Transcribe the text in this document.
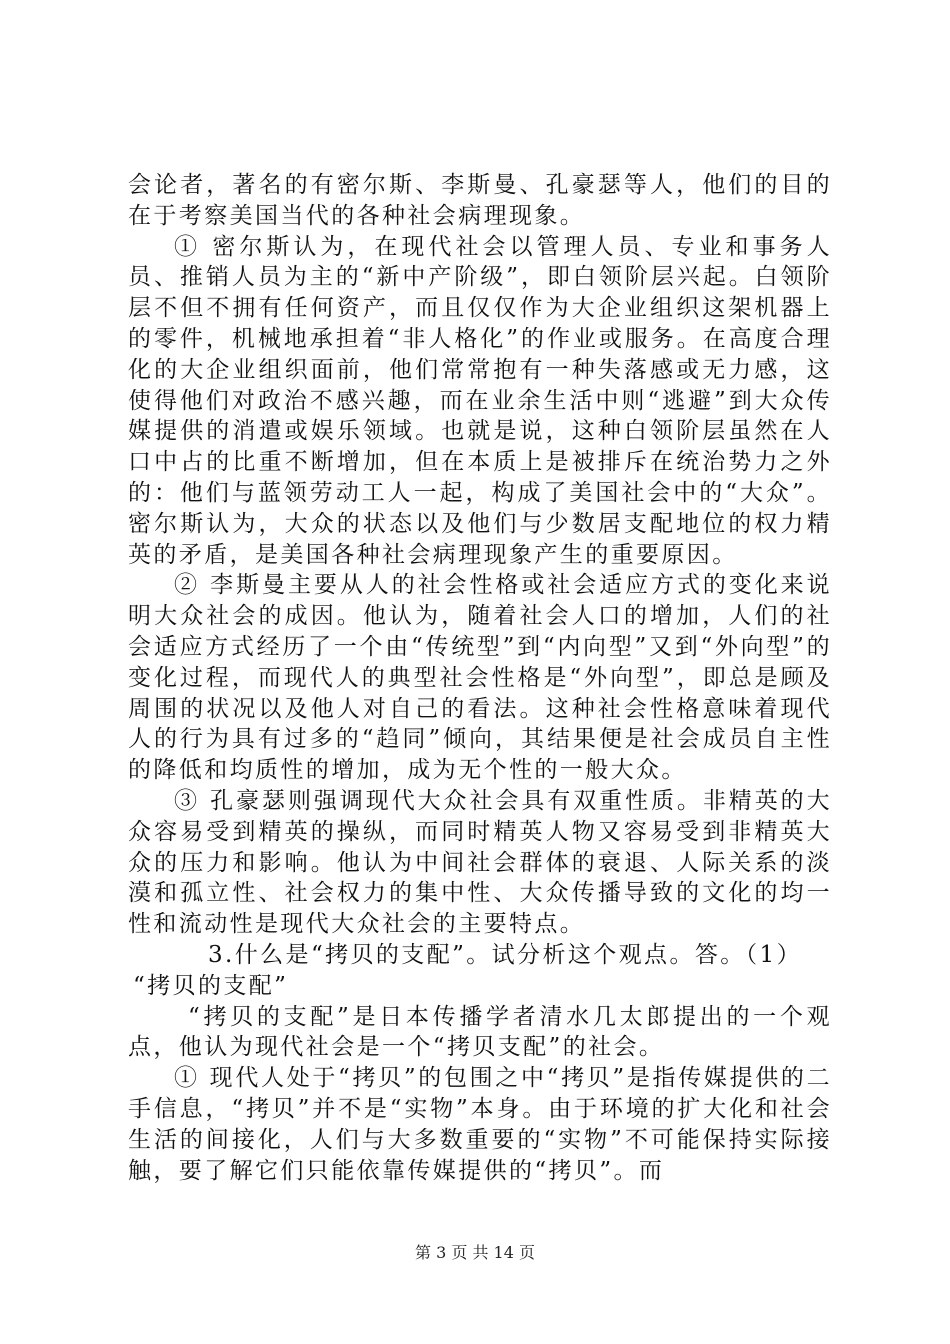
会论者，著名的有密尔斯、李斯曼、孔豪瑟等人，他们的目的在于考察美国当代的各种社会病理现象。

① 密尔斯认为，在现代社会以管理人员、专业和事务人员、推销人员为主的“新中产阶级”，即白领阶层兴起。白领阶层不但不拥有任何资产，而且仅仅作为大企业组织这架机器上的零件，机械地承担着“非人格化”的作业或服务。在高度合理化的大企业组织面前，他们常常抱有一种失落感或无力感，这使得他们对政治不感兴趣，而在业余生活中则“逃避”到大众传媒提供的消遣或娱乐领域。也就是说，这种白领阶层虽然在人口中占的比重不断增加，但在本质上是被排斥在统治势力之外的：他们与蓝领劳动工人一起，构成了美国社会中的“大众”。密尔斯认为，大众的状态以及他们与少数居支配地位的权力精英的矛盾，是美国各种社会病理现象产生的重要原因。

② 李斯曼主要从人的社会性格或社会适应方式的变化来说明大众社会的成因。他认为，随着社会人口的增加，人们的社会适应方式经历了一个由“传统型”到“内向型”又到“外向型”的变化过程，而现代人的典型社会性格是“外向型”，即总是顾及周围的状况以及他人对自己的看法。这种社会性格意味着现代人的行为具有过多的“趋同”倾向，其结果便是社会成员自主性的降低和均质性的增加，成为无个性的一般大众。

③ 孔豪瑟则强调现代大众社会具有双重性质。非精英的大众容易受到精英的操纵，而同时精英人物又容易受到非精英大众的压力和影响。他认为中间社会群体的衰退、人际关系的淡漠和孤立性、社会权力的集中性、大众传播导致的文化的均一性和流动性是现代大众社会的主要特点。

3.什么是“拷贝的支配”。试分析这个观点。答。（1）

“拷贝的支配”

“拷贝的支配”是日本传播学者清水几太郎提出的一个观点，他认为现代社会是一个“拷贝支配”的社会。

① 现代人处于“拷贝”的包围之中“拷贝”是指传媒提供的二手信息，“拷贝”并不是“实物”本身。由于环境的扩大化和社会生活的间接化，人们与大多数重要的“实物”不可能保持实际接触，要了解它们只能依靠传媒提供的“拷贝”。而

第 3 页 共 14 页
